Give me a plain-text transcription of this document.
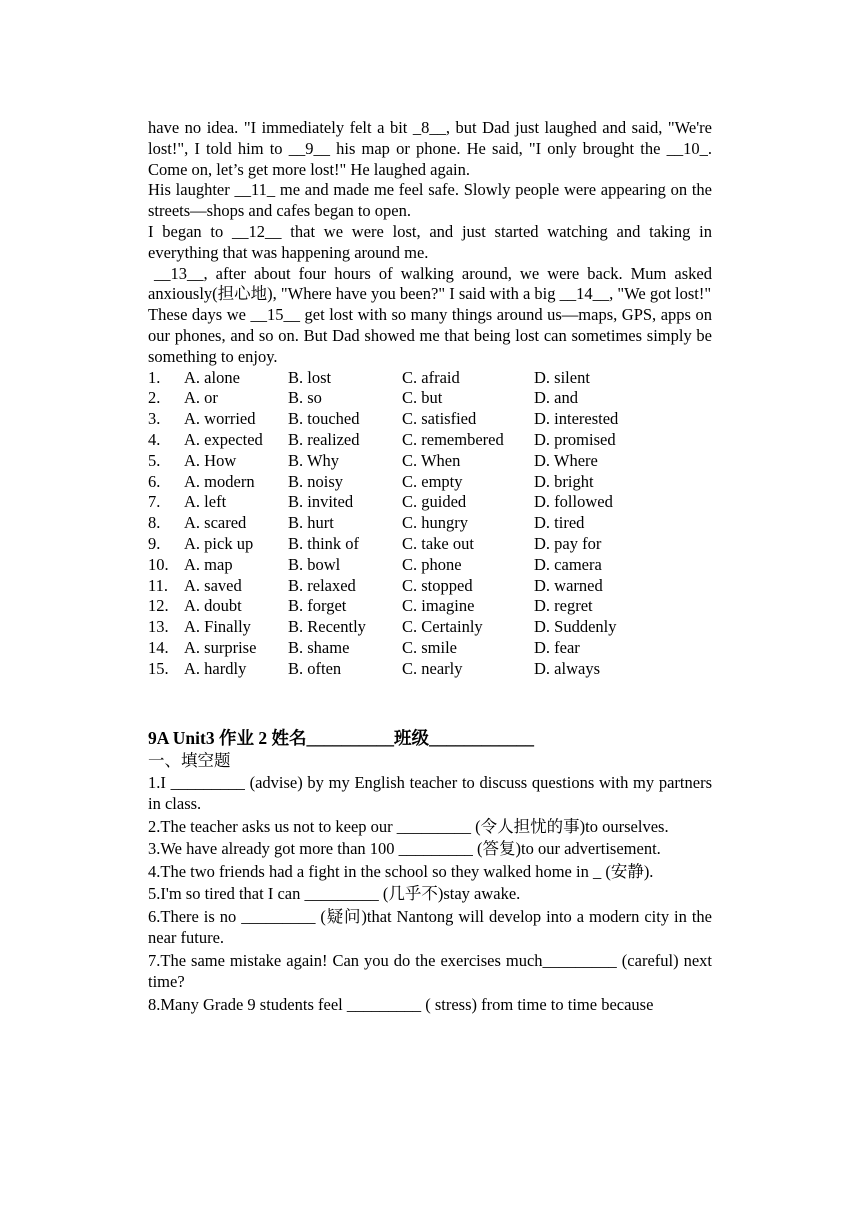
have no idea. "I immediately felt a bit _8__, but Dad just laughed and said, "We're lost!", I told him to __9__ his map or phone. He said, "I only brought the __10_. Come on, let’s get more lost!" He laughed again.

His laughter __11_ me and made me feel safe. Slowly people were appearing on the streets—shops and cafes began to open.

I began to __12__ that we were lost, and just started watching and taking in everything that was happening around me.

__13__, after about four hours of walking around, we were back. Mum asked anxiously(担心地), "Where have you been?" I said with a big __14__, "We got lost!"

These days we __15__ get lost with so many things around us—maps, GPS, apps on our phones, and so on. But Dad showed me that being lost can sometimes simply be something to enjoy.

1.	A. alone	B. lost	C. afraid	D. silent
2.	A. or	B. so	C. but	D. and
3.	A. worried	B. touched	C. satisfied	D. interested
4.	A. expected	B. realized	C. remembered	D. promised
5.	A. How	B. Why	C. When	D. Where
6.	A. modern	B. noisy	C. empty	D. bright
7.	A. left	B. invited	C. guided	D. followed
8.	A. scared	B. hurt	C. hungry	D. tired
9.	A. pick up	B. think of	C. take out	D. pay for
10. A. map	B. bowl	C. phone	D. camera
11. A. saved	B. relaxed	C. stopped	D. warned
12. A. doubt	B. forget	C. imagine	D. regret
13. A. Finally	B. Recently	C. Certainly	D. Suddenly
14. A. surprise	B. shame	C. smile	D. fear
15. A. hardly	B. often	C. nearly	D. always
9A Unit3 作业 2 姓名__________班级____________

一、填空题

1.I _________ (advise) by my English teacher to discuss questions with my partners in class.

2.The teacher asks us not to keep our _________ (令人担忧的事)to ourselves.

3.We have already got more than 100 _________ (答复)to our advertisement.

4.The two friends had a fight in the school so they walked home in _ (安静).

5.I'm so tired that I can _________ (几乎不)stay awake.

6.There is no _________ (疑问)that Nantong will develop into a modern city in the near future.

7.The same mistake again! Can you do the exercises much_________ (careful) next time?

8.Many Grade 9 students feel _________ ( stress) from time to time because
